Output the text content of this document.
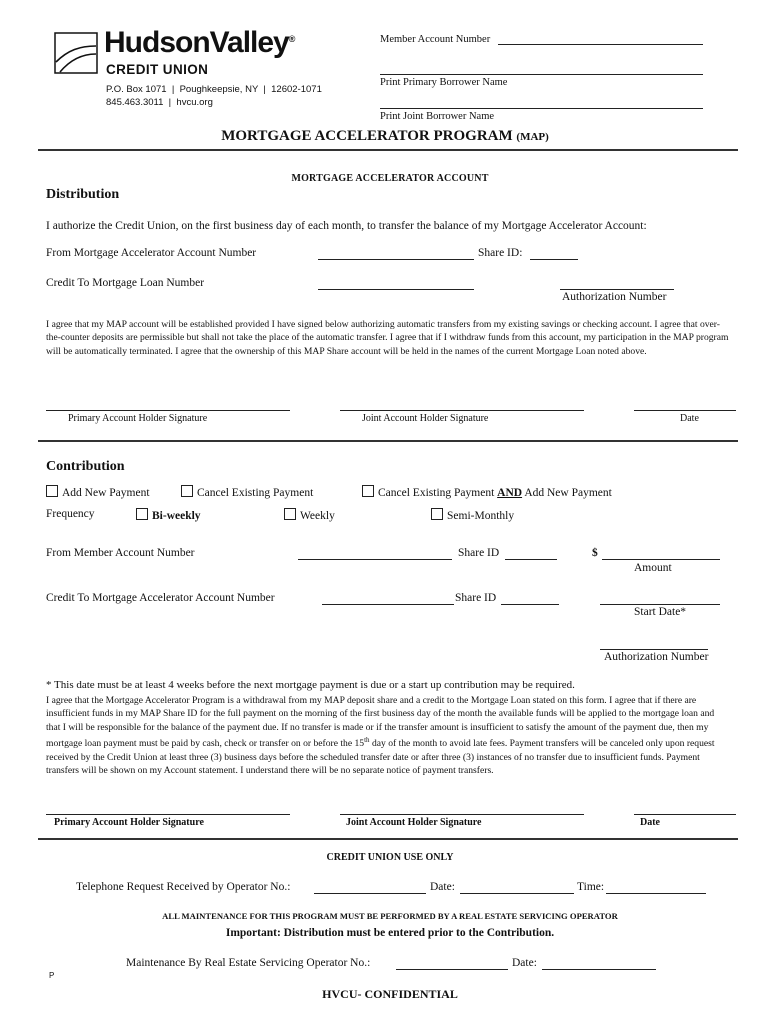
HudsonValley®
CREDIT UNION
P.O. Box 1071  |  Poughkeepsie, NY  |  12602-1071
845.463.3011  |  hvcu.org
Member Account Number
Print Primary Borrower Name
Print Joint Borrower Name
MORTGAGE ACCELERATOR PROGRAM (MAP)
MORTGAGE ACCELERATOR ACCOUNT
Distribution
I authorize the Credit Union, on the first business day of each month, to transfer the balance of my Mortgage Accelerator Account:
From Mortgage Accelerator Account Number	Share ID:
Credit To Mortgage Loan Number
Authorization Number

I agree that my MAP account will be established provided I have signed below authorizing automatic transfers from my existing savings or checking account. I agree that over-the-counter deposits are permissible but shall not take the place of the automatic transfer. I agree that if I withdraw funds from this account, my participation in the MAP program will be automatically terminated. I agree that the ownership of this MAP Share account will be held in the names of the current Mortgage Loan noted above.

Primary Account Holder Signature	Joint Account Holder Signature	Date
Contribution
Add New Payment	Cancel Existing Payment	Cancel Existing Payment AND Add New Payment
Frequency	Bi-weekly	Weekly	Semi-Monthly
From Member Account Number	Share ID	$
Amount
Credit To Mortgage Accelerator Account Number	Share ID
Start Date*
Authorization Number
* This date must be at least 4 weeks before the next mortgage payment is due or a start up contribution may be required.

I agree that the Mortgage Accelerator Program is a withdrawal from my MAP deposit share and a credit to the Mortgage Loan stated on this form. I agree that if there are insufficient funds in my MAP Share ID for the full payment on the morning of the first business day of the month the available funds will be applied to the mortgage loan and that I will be responsible for the balance of the payment due. If no transfer is made or if the transfer amount is insufficient to satisfy the amount of the payment due, then my mortgage loan payment must be paid by cash, check or transfer on or before the 15th day of the month to avoid late fees. Payment transfers will be canceled only upon request received by the Credit Union at least three (3) business days before the scheduled transfer date or after three (3) instances of no transfer due to insufficient funds. Payment transfers will be shown on my Account statement. I understand there will be no separate notice of payment transfers.

Primary Account Holder Signature	Joint Account Holder Signature	Date
CREDIT UNION USE ONLY
Telephone Request Received by Operator No.:	Date:	Time:
ALL MAINTENANCE FOR THIS PROGRAM MUST BE PERFORMED BY A REAL ESTATE SERVICING OPERATOR
Important: Distribution must be entered prior to the Contribution.
Maintenance By Real Estate Servicing Operator No.:	Date:
P
HVCU- CONFIDENTIAL
